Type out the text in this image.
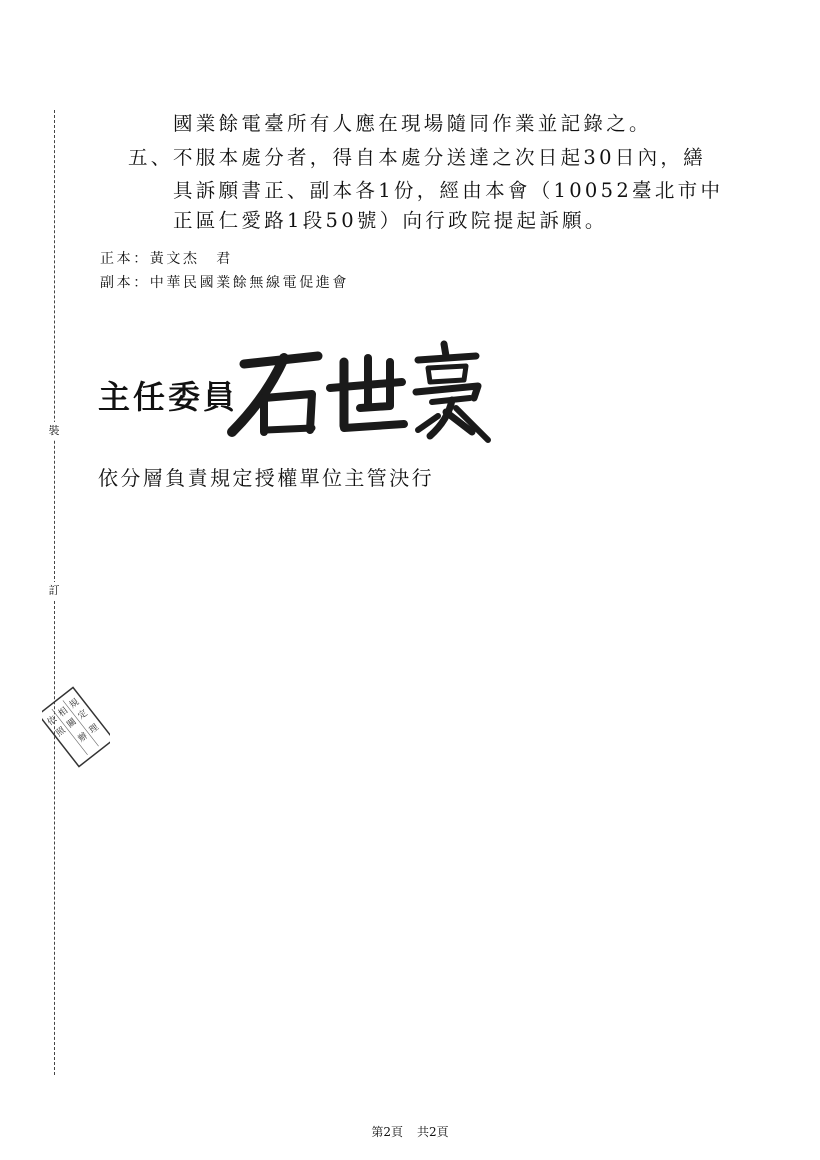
裝
訂
國業餘電臺所有人應在現場隨同作業並記錄之。
五、 不服本處分者，得自本處分送達之次日起30日內，繕
具訴願書正、副本各1份，經由本會（10052臺北市中
正區仁愛路1段50號）向行政院提起訴願。
正本：黃文杰　君
副本：中華民國業餘無線電促進會
主任委員
依分層負責規定授權單位主管決行
依
照
相
關
規
定
辦
理
第2頁 共2頁
